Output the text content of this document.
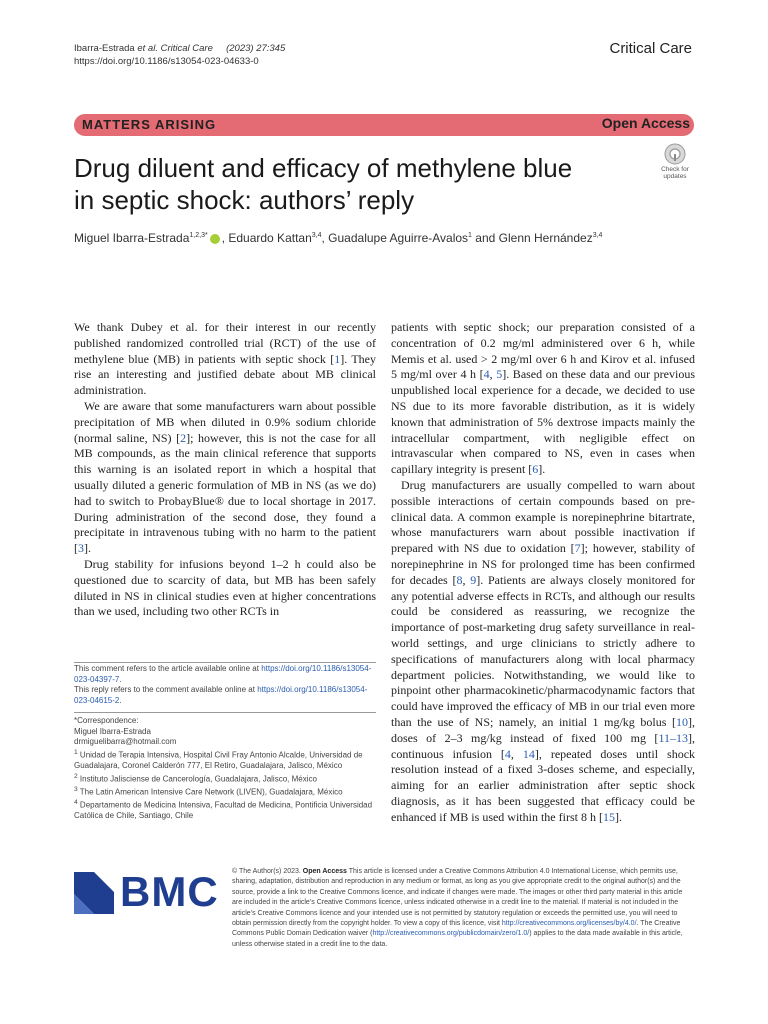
Ibarra-Estrada et al. Critical Care (2023) 27:345
https://doi.org/10.1186/s13054-023-04633-0
Critical Care
MATTERS ARISING	Open Access
Drug diluent and efficacy of methylene blue
in septic shock: authors’ reply
Check for
updates
Miguel Ibarra-Estrada$^{1,2,3*}$ , Eduardo Kattan$^{3,4}$, Guadalupe Aguirre-Avalos$^1$ and Glenn Hernández$^{3,4}$

We thank Dubey et al. for their interest in our recently published randomized controlled trial (RCT) of the use of methylene blue (MB) in patients with septic shock [1]. They rise an interesting and justified debate about MB clinical administration.

We are aware that some manufacturers warn about possible precipitation of MB when diluted in 0.9% sodium chloride (normal saline, NS) [2]; however, this is not the case for all MB compounds, as the main clinical reference that supports this warning is an isolated report in which a hospital that usually diluted a generic formulation of MB in NS (as we do) had to switch to ProbayBlue® due to local shortage in 2017. During administration of the second dose, they found a precipitate in intravenous tubing with no harm to the patient [3].

Drug stability for infusions beyond 1–2 h could also be questioned due to scarcity of data, but MB has been safely diluted in NS in clinical studies even at higher concentrations than we used, including two other RCTs in

patients with septic shock; our preparation consisted of a concentration of 0.2 mg/ml administered over 6 h, while Memis et al. used > 2 mg/ml over 6 h and Kirov et al. infused 5 mg/ml over 4 h [4, 5]. Based on these data and our previous unpublished local experience for a decade, we decided to use NS due to its more favorable distribution, as it is widely known that administration of 5% dextrose impacts mainly the intracellular compartment, with negligible effect on intravascular when compared to NS, even in cases when capillary integrity is present [6].

Drug manufacturers are usually compelled to warn about possible interactions of certain compounds based on pre-clinical data. A common example is norepinephrine bitartrate, whose manufacturers warn about possible inactivation if prepared with NS due to oxidation [7]; however, stability of norepinephrine in NS for prolonged time has been confirmed for decades [8, 9]. Patients are always closely monitored for any potential adverse effects in RCTs, and although our results could be considered as reassuring, we recognize the importance of post-marketing drug safety surveillance in real-world settings, and urge clinicians to strictly adhere to specifications of manufacturers along with local pharmacy department policies. Notwithstanding, we would like to pinpoint other pharmacokinetic/pharmacodynamic factors that could have improved the efficacy of MB in our trial even more than the use of NS; namely, an initial 1 mg/kg bolus [10], doses of 2–3 mg/kg instead of fixed 100 mg [11–13], continuous infusion [4, 14], repeated doses until shock resolution instead of a fixed 3-doses scheme, and especially, aiming for an earlier administration after septic shock diagnosis, as it has been suggested that efficacy could be enhanced if MB is used within the first 8 h [15].

This comment refers to the article available online at https://doi.org/10.1186/s13054-023-04397-7.
This reply refers to the comment available online at https://doi.org/10.1186/s13054-023-04615-2.
*Correspondence:
Miguel Ibarra-Estrada
drmiguelibarra@hotmail.com
$^1$ Unidad de Terapia Intensiva, Hospital Civil Fray Antonio Alcalde, Universidad de Guadalajara, Coronel Calderón 777, El Retiro, Guadalajara, Jalisco, México
$^2$ Instituto Jalisciense de Cancerología, Guadalajara, Jalisco, México
$^3$ The Latin American Intensive Care Network (LIVEN), Guadalajara, México
$^4$ Departamento de Medicina Intensiva, Facultad de Medicina, Pontificia Universidad Católica de Chile, Santiago, Chile
BMC © The Author(s) 2023. Open Access This article is licensed under a Creative Commons Attribution 4.0 International License, which permits use, sharing, adaptation, distribution and reproduction in any medium or format, as long as you give appropriate credit to the original author(s) and the source, provide a link to the Creative Commons licence, and indicate if changes were made. The images or other third party material in this article are included in the article’s Creative Commons licence, unless indicated otherwise in a credit line to the material. If material is not included in the article’s Creative Commons licence and your intended use is not permitted by statutory regulation or exceeds the permitted use, you will need to obtain permission directly from the copyright holder. To view a copy of this licence, visit http://creativecommons.org/licenses/by/4.0/. The Creative Commons Public Domain Dedication waiver (http://creativecommons.org/publicdomain/zero/1.0/) applies to the data made available in this article, unless otherwise stated in a credit line to the data.
